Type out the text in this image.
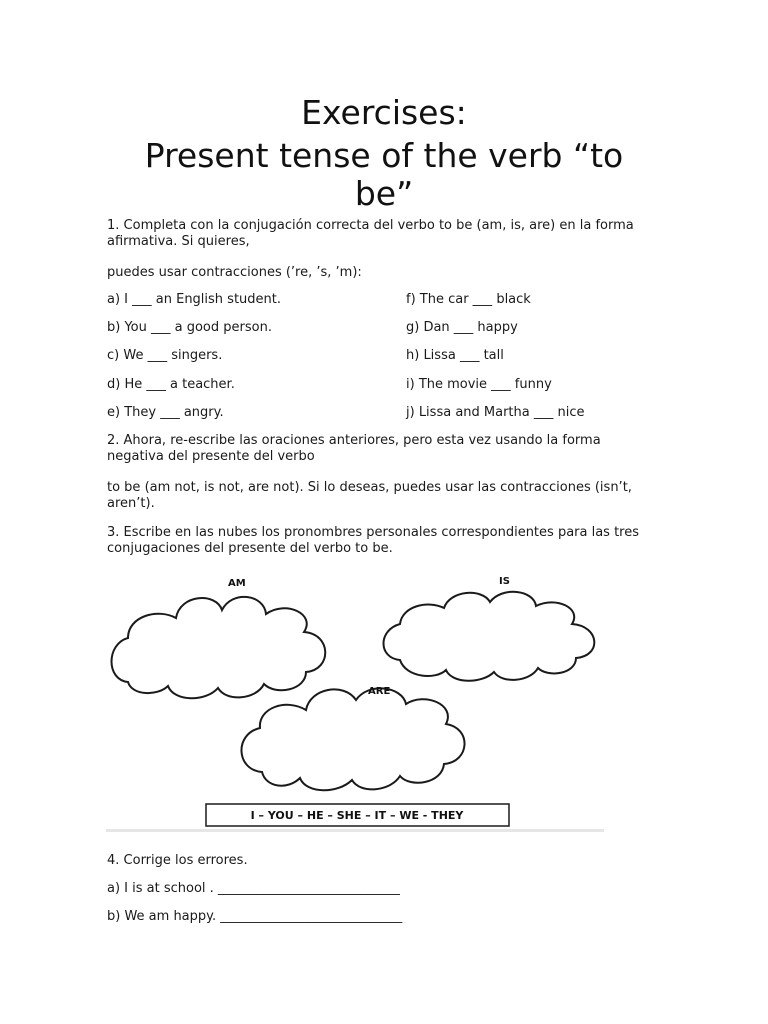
Exercises:
Present tense of the verb “to
be”
1. Completa con la conjugación correcta del verbo to be (am, is, are) en la forma afirmativa. Si quieres,
puedes usar contracciones (’re, ’s, ’m):
a) I ___ an English student.
b) You ___ a good person.
c) We ___ singers.
d) He ___ a teacher.
e) They ___ angry.
f) The car ___ black
g) Dan ___ happy
h) Lissa ___ tall
i) The movie ___ funny
j) Lissa and Martha ___ nice
2. Ahora, re-escribe las oraciones anteriores, pero esta vez usando la forma negativa del presente del verbo
to be (am not, is not, are not). Si lo deseas, puedes usar las contracciones (isn’t, aren’t).
3. Escribe en las nubes los pronombres personales correspondientes para las tres conjugaciones del presente del verbo to be.
AM	IS
ARE
I – YOU – HE – SHE – IT – WE - THEY
4. Corrige los errores.
a) I is at school . ____________________________
b) We am happy. ____________________________
